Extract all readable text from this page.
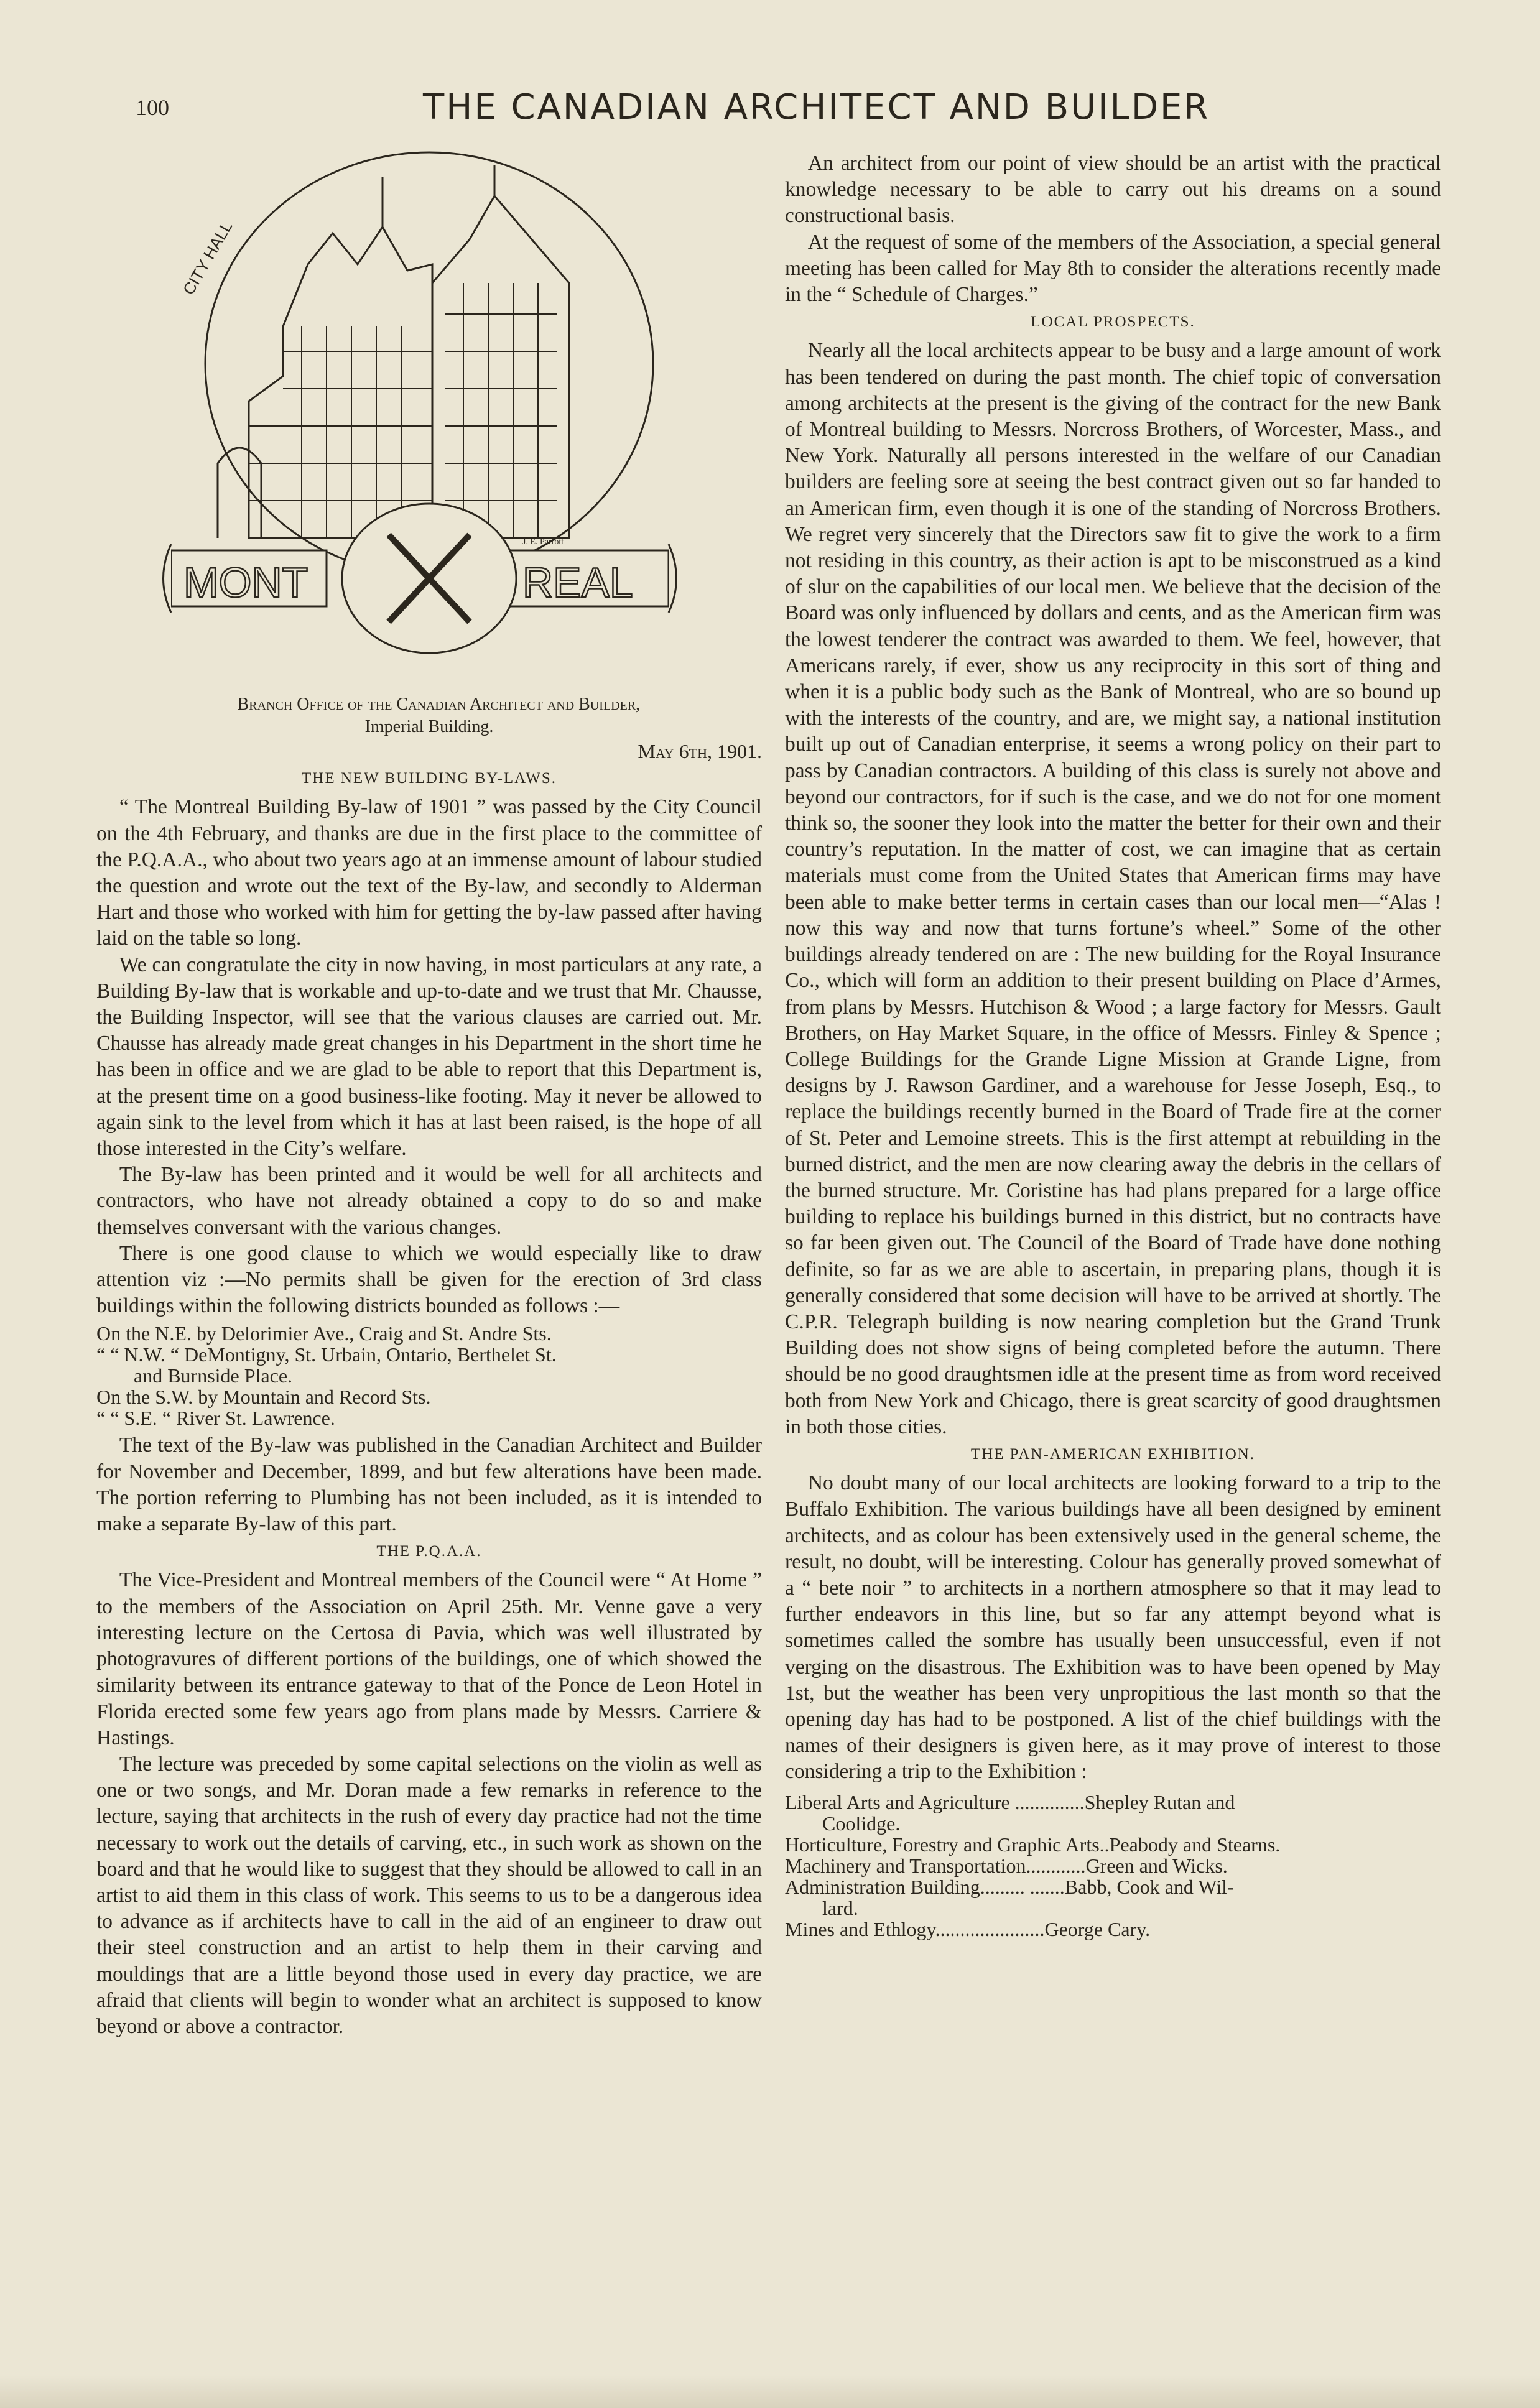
100	THE CANADIAN ARCHITECT AND BUILDER
CITY HALL
MONT	REAL
J. E. Parrott

Branch Office of the Canadian Architect and Builder,
Imperial Building.

May 6th, 1901.

THE NEW BUILDING BY-LAWS.

“ The Montreal Building By-law of 1901 ” was passed by the City Council on the 4th February, and thanks are due in the first place to the committee of the P.Q.A.A., who about two years ago at an immense amount of labour studied the question and wrote out the text of the By-law, and secondly to Alderman Hart and those who worked with him for getting the by-law passed after having laid on the table so long.

We can congratulate the city in now having, in most particulars at any rate, a Building By-law that is workable and up-to-date and we trust that Mr. Chausse, the Building Inspector, will see that the various clauses are carried out. Mr. Chausse has already made great changes in his Department in the short time he has been in office and we are glad to be able to report that this Department is, at the present time on a good business-like footing. May it never be allowed to again sink to the level from which it has at last been raised, is the hope of all those interested in the City’s welfare.

The By-law has been printed and it would be well for all architects and contractors, who have not already obtained a copy to do so and make themselves conversant with the various changes.

There is one good clause to which we would especially like to draw attention viz :—No permits shall be given for the erection of 3rd class buildings within the following districts bounded as follows :—

On the N.E. by Delorimier Ave., Craig and St. Andre Sts.
“ “ N.W. “ DeMontigny, St. Urbain, Ontario, Berthelet St.
and Burnside Place.
On the S.W. by Mountain and Record Sts.
“ “ S.E. “ River St. Lawrence.

The text of the By-law was published in the Canadian Architect and Builder for November and December, 1899, and but few alterations have been made. The portion referring to Plumbing has not been included, as it is intended to make a separate By-law of this part.

THE P.Q.A.A.

The Vice-President and Montreal members of the Council were “ At Home ” to the members of the Association on April 25th. Mr. Venne gave a very interesting lecture on the Certosa di Pavia, which was well illustrated by photogravures of different portions of the buildings, one of which showed the similarity between its entrance gateway to that of the Ponce de Leon Hotel in Florida erected some few years ago from plans made by Messrs. Carriere & Hastings.

The lecture was preceded by some capital selections on the violin as well as one or two songs, and Mr. Doran made a few remarks in reference to the lecture, saying that architects in the rush of every day practice had not the time necessary to work out the details of carving, etc., in such work as shown on the board and that he would like to suggest that they should be allowed to call in an artist to aid them in this class of work. This seems to us to be a dangerous idea to advance as if architects have to call in the aid of an engineer to draw out their steel construction and an artist to help them in their carving and mouldings that are a little beyond those used in every day practice, we are afraid that clients will begin to wonder what an architect is supposed to know beyond or above a contractor.

An architect from our point of view should be an artist with the practical knowledge necessary to be able to carry out his dreams on a sound constructional basis.

At the request of some of the members of the Association, a special general meeting has been called for May 8th to consider the alterations recently made in the “ Schedule of Charges.”

LOCAL PROSPECTS.

Nearly all the local architects appear to be busy and a large amount of work has been tendered on during the past month. The chief topic of conversation among architects at the present is the giving of the contract for the new Bank of Montreal building to Messrs. Norcross Brothers, of Worcester, Mass., and New York. Naturally all persons interested in the welfare of our Canadian builders are feeling sore at seeing the best contract given out so far handed to an American firm, even though it is one of the standing of Norcross Brothers. We regret very sincerely that the Directors saw fit to give the work to a firm not residing in this country, as their action is apt to be misconstrued as a kind of slur on the capabilities of our local men. We believe that the decision of the Board was only influenced by dollars and cents, and as the American firm was the lowest tenderer the contract was awarded to them. We feel, however, that Americans rarely, if ever, show us any reciprocity in this sort of thing and when it is a public body such as the Bank of Montreal, who are so bound up with the interests of the country, and are, we might say, a national institution built up out of Canadian enterprise, it seems a wrong policy on their part to pass by Canadian contractors. A building of this class is surely not above and beyond our contractors, for if such is the case, and we do not for one moment think so, the sooner they look into the matter the better for their own and their country’s reputation. In the matter of cost, we can imagine that as certain materials must come from the United States that American firms may have been able to make better terms in certain cases than our local men—“Alas ! now this way and now that turns fortune’s wheel.” Some of the other buildings already tendered on are : The new building for the Royal Insurance Co., which will form an addition to their present building on Place d’Armes, from plans by Messrs. Hutchison & Wood ; a large factory for Messrs. Gault Brothers, on Hay Market Square, in the office of Messrs. Finley & Spence ; College Buildings for the Grande Ligne Mission at Grande Ligne, from designs by J. Rawson Gardiner, and a warehouse for Jesse Joseph, Esq., to replace the buildings recently burned in the Board of Trade fire at the corner of St. Peter and Lemoine streets. This is the first attempt at rebuilding in the burned district, and the men are now clearing away the debris in the cellars of the burned structure. Mr. Coristine has had plans prepared for a large office building to replace his buildings burned in this district, but no contracts have so far been given out. The Council of the Board of Trade have done nothing definite, so far as we are able to ascertain, in preparing plans, though it is generally considered that some decision will have to be arrived at shortly. The C.P.R. Telegraph building is now nearing completion but the Grand Trunk Building does not show signs of being completed before the autumn. There should be no good draughtsmen idle at the present time as from word received both from New York and Chicago, there is great scarcity of good draughtsmen in both those cities.

THE PAN-AMERICAN EXHIBITION.

No doubt many of our local architects are looking forward to a trip to the Buffalo Exhibition. The various buildings have all been designed by eminent architects, and as colour has been extensively used in the general scheme, the result, no doubt, will be interesting. Colour has generally proved somewhat of a “ bete noir ” to architects in a northern atmosphere so that it may lead to further endeavors in this line, but so far any attempt beyond what is sometimes called the sombre has usually been unsuccessful, even if not verging on the disastrous. The Exhibition was to have been opened by May 1st, but the weather has been very unpropitious the last month so that the opening day has had to be postponed. A list of the chief buildings with the names of their designers is given here, as it may prove of interest to those considering a trip to the Exhibition :

Liberal Arts and Agriculture ..............Shepley Rutan and
Coolidge.
Horticulture, Forestry and Graphic Arts..Peabody and Stearns.
Machinery and Transportation............Green and Wicks.
Administration Building......... .......Babb, Cook and Wil-
lard.
Mines and Ethlogy......................George Cary.
